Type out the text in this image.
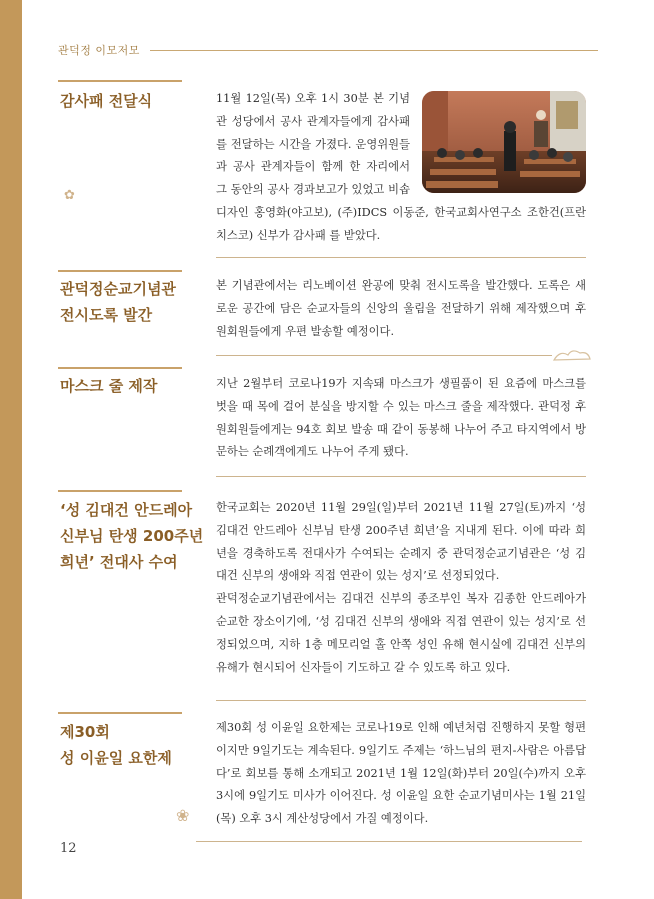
관덕정 이모저모
감사패 전달식
✿

11월 12일(목) 오후 1시 30분 본 기념관 성당에서 공사 관계자들에게 감사패를 전달하는 시간을 가졌다. 운영위원들과 공사 관계자들이 함께 한 자리에서 그 동안의 공사 경과보고가 있었고 비솝 디자인 홍영화(야고보), (주)IDCS 이동준, 한국교회사연구소 조한건(프란치스코) 신부가 감사패 를 받았다.

관덕정순교기념관
전시도록 발간

본 기념관에서는 리노베이션 완공에 맞춰 전시도록을 발간했다. 도록은 새로운 공간에 담은 순교자들의 신앙의 울림을 전달하기 위해 제작했으며 후원회원들에게 우편 발송할 예정이다.

마스크 줄 제작	지난 2월부터 코로나19가 지속돼 마스크가 생필품이 된 요즘에 마스크를 벗을 때 목에 걸어 분실을 방지할 수 있는 마스크 줄을 제작했다. 관덕정 후원회원들에게는 94호 회보 발송 때 같이 동봉해 나누어 주고 타지역에서 방문하는 순례객에게도 나누어 주게 됐다.

‘성 김대건 안드레아
신부님 탄생 200주년
희년’ 전대사 수여

한국교회는 2020년 11월 29일(일)부터 2021년 11월 27일(토)까지 ‘성 김대건 안드레아 신부님 탄생 200주년 희년’을 지내게 된다. 이에 따라 희년을 경축하도록 전대사가 수여되는 순례지 중 관덕정순교기념관은 ‘성 김대건 신부의 생애와 직접 연관이 있는 성지’로 선정되었다.

관덕정순교기념관에서는 김대건 신부의 종조부인 복자 김종한 안드레아가 순교한 장소이기에, ‘성 김대건 신부의 생애와 직접 연관이 있는 성지’로 선정되었으며, 지하 1층 메모리얼 홀 안쪽 성인 유해 현시실에 김대건 신부의 유해가 현시되어 신자들이 기도하고 갈 수 있도록 하고 있다.

제30회
성 이윤일 요한제

제30회 성 이윤일 요한제는 코로나19로 인해 예년처럼 진행하지 못할 형편이지만 9일기도는 계속된다. 9일기도 주제는 ‘하느님의 편지-사람은 아름답다’로 회보를 통해 소개되고 2021년 1월 12일(화)부터 20일(수)까지 오후 3시에 9일기도 미사가 이어진다. 성 이윤일 요한 순교기념미사는 1월 21일(목) 오후 3시 계산성당에서 가질 예정이다.

❀
12
